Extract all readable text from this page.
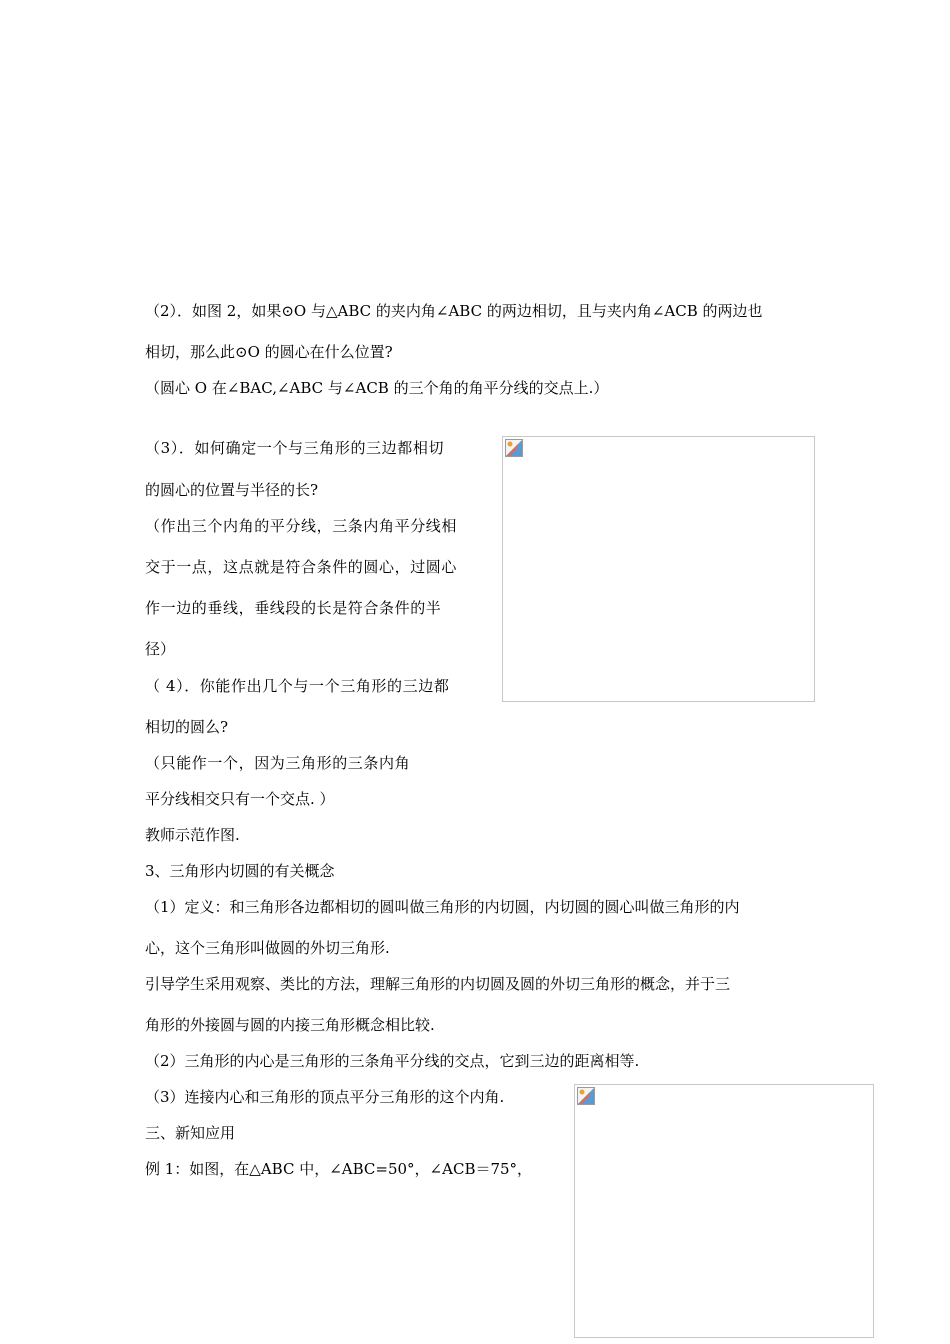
（2）．如图 2，如果⊙O 与△ABC 的夹内角∠ABC 的两边相切，且与夹内角∠ACB 的两边也
相切，那么此⊙O 的圆心在什么位置?
（圆心 O 在∠BAC,∠ABC 与∠ACB 的三个角的角平分线的交点上.）
（3）．如何确定一个与三角形的三边都相切
的圆心的位置与半径的长?
（作出三个内角的平分线，三条内角平分线相
交于一点，这点就是符合条件的圆心，过圆心
作一边的垂线，垂线段的长是符合条件的半
径）
（ 4）．你能作出几个与一个三角形的三边都
相切的圆么?
（只能作一个，因为三角形的三条内角
平分线相交只有一个交点. ）
教师示范作图.
3、三角形内切圆的有关概念
（1）定义：和三角形各边都相切的圆叫做三角形的内切圆，内切圆的圆心叫做三角形的内
心，这个三角形叫做圆的外切三角形.
引导学生采用观察、类比的方法，理解三角形的内切圆及圆的外切三角形的概念，并于三
角形的外接圆与圆的内接三角形概念相比较.
（2）三角形的内心是三角形的三条角平分线的交点，它到三边的距离相等.
（3）连接内心和三角形的顶点平分三角形的这个内角.
三、新知应用
例 1：如图，在△ABC 中，∠ABC=50°，∠ACB＝75°，
